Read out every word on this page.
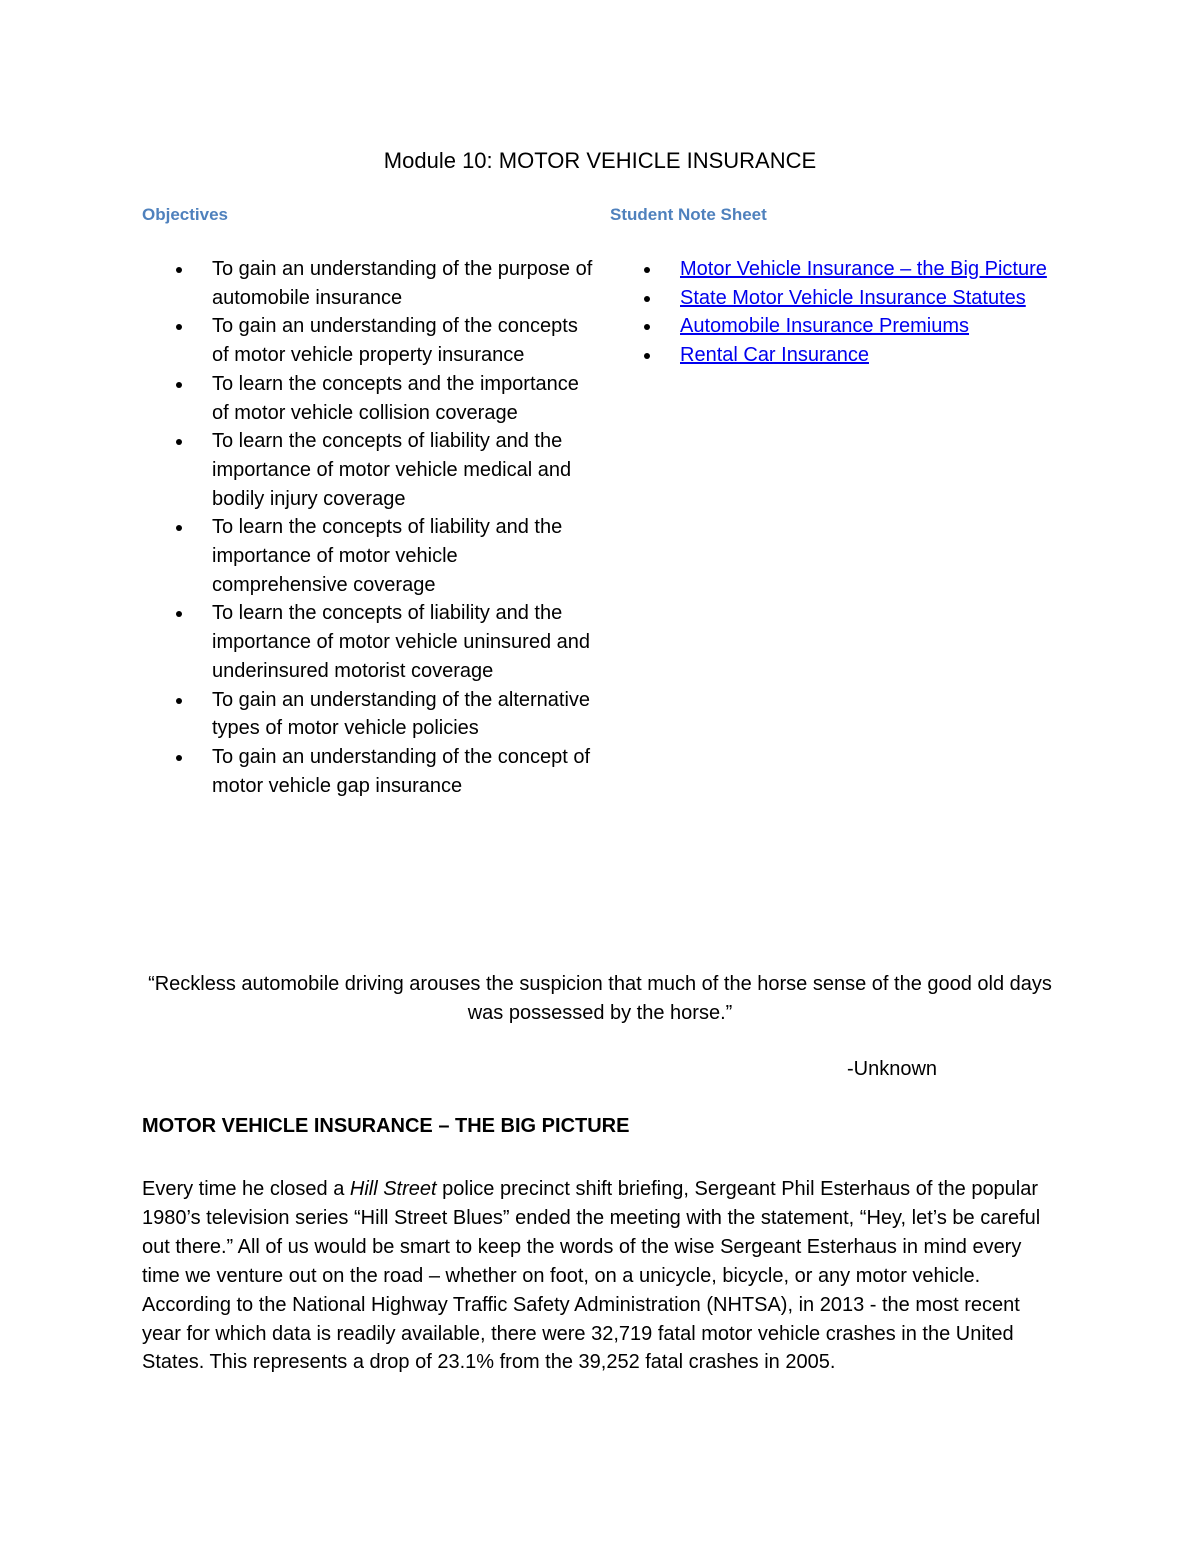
Module 10: MOTOR VEHICLE INSURANCE
Objectives	Student Note Sheet
To gain an understanding of the purpose of automobile insurance
To gain an understanding of the concepts of motor vehicle property insurance
To learn the concepts and the importance of motor vehicle collision coverage
To learn the concepts of liability and the importance of motor vehicle medical and bodily injury coverage
To learn the concepts of liability and the importance of motor vehicle comprehensive coverage
To learn the concepts of liability and the importance of motor vehicle uninsured and underinsured motorist coverage
To gain an understanding of the alternative types of motor vehicle policies
To gain an understanding of the concept of motor vehicle gap insurance
Motor Vehicle Insurance – the Big Picture
State Motor Vehicle Insurance Statutes
Automobile Insurance Premiums
Rental Car Insurance
“Reckless automobile driving arouses the suspicion that much of the horse sense of the good old days was possessed by the horse.”
-Unknown
MOTOR VEHICLE INSURANCE – THE BIG PICTURE
Every time he closed a Hill Street police precinct shift briefing, Sergeant Phil Esterhaus of the popular 1980’s television series “Hill Street Blues” ended the meeting with the statement, “Hey, let’s be careful out there.” All of us would be smart to keep the words of the wise Sergeant Esterhaus in mind every time we venture out on the road – whether on foot, on a unicycle, bicycle, or any motor vehicle. According to the National Highway Traffic Safety Administration (NHTSA), in 2013 - the most recent year for which data is readily available, there were 32,719 fatal motor vehicle crashes in the United States. This represents a drop of 23.1% from the 39,252 fatal crashes in 2005.
